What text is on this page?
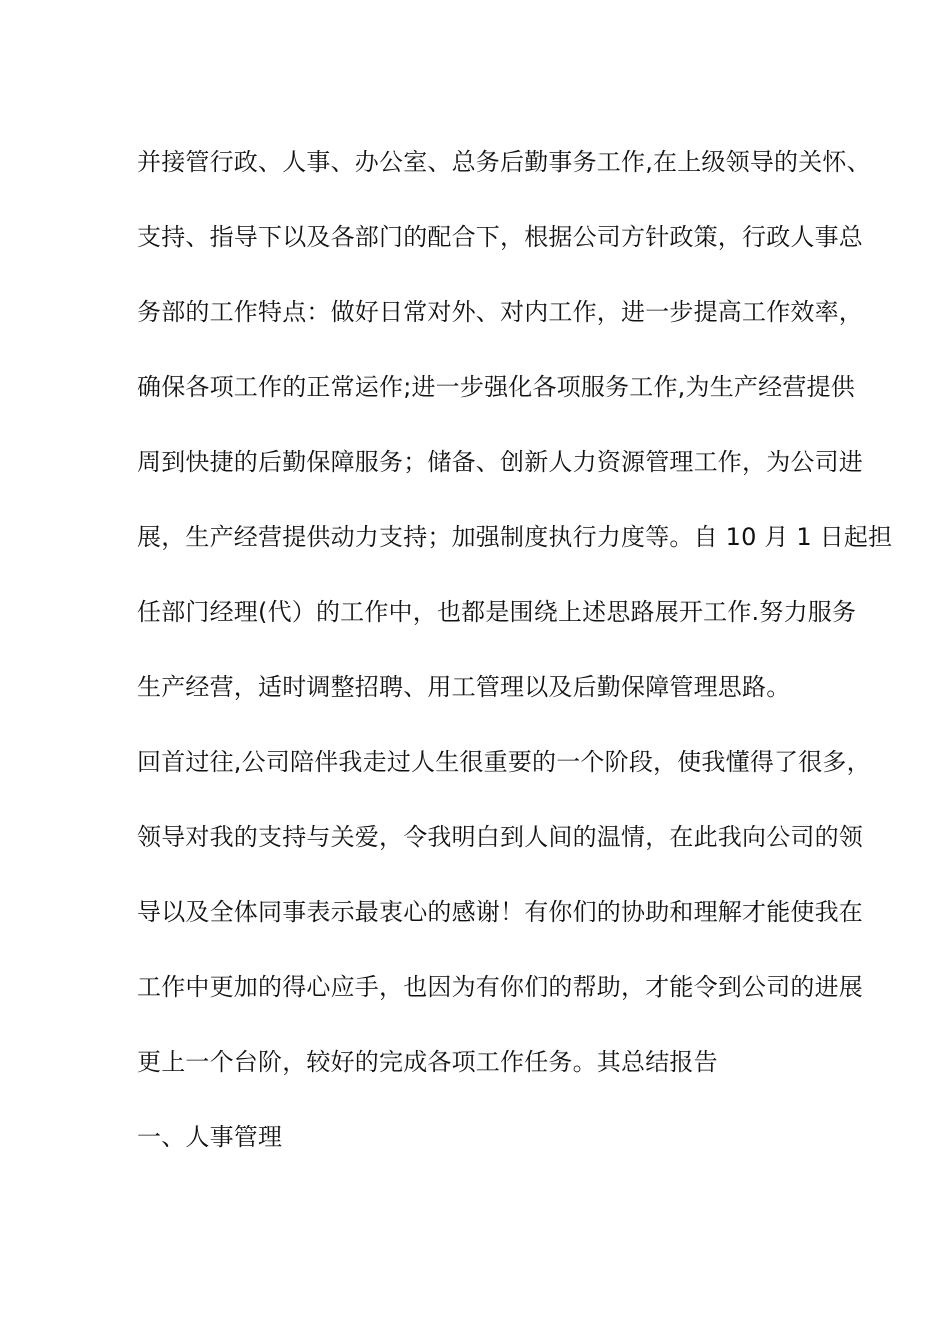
并接管行政、人事、办公室、总务后勤事务工作,在上级领导的关怀、
支持、指导下以及各部门的配合下，根据公司方针政策，行政人事总
务部的工作特点：做好日常对外、对内工作，进一步提高工作效率，
确保各项工作的正常运作;进一步强化各项服务工作,为生产经营提供
周到快捷的后勤保障服务；储备、创新人力资源管理工作，为公司进
展，生产经营提供动力支持；加强制度执行力度等。自 10 月 1 日起担
任部门经理(代）的工作中，也都是围绕上述思路展开工作.努力服务
生产经营，适时调整招聘、用工管理以及后勤保障管理思路。
回首过往,公司陪伴我走过人生很重要的一个阶段，使我懂得了很多，
领导对我的支持与关爱，令我明白到人间的温情，在此我向公司的领
导以及全体同事表示最衷心的感谢！有你们的协助和理解才能使我在
工作中更加的得心应手，也因为有你们的帮助，才能令到公司的进展
更上一个台阶，较好的完成各项工作任务。其总结报告
一、人事管理
